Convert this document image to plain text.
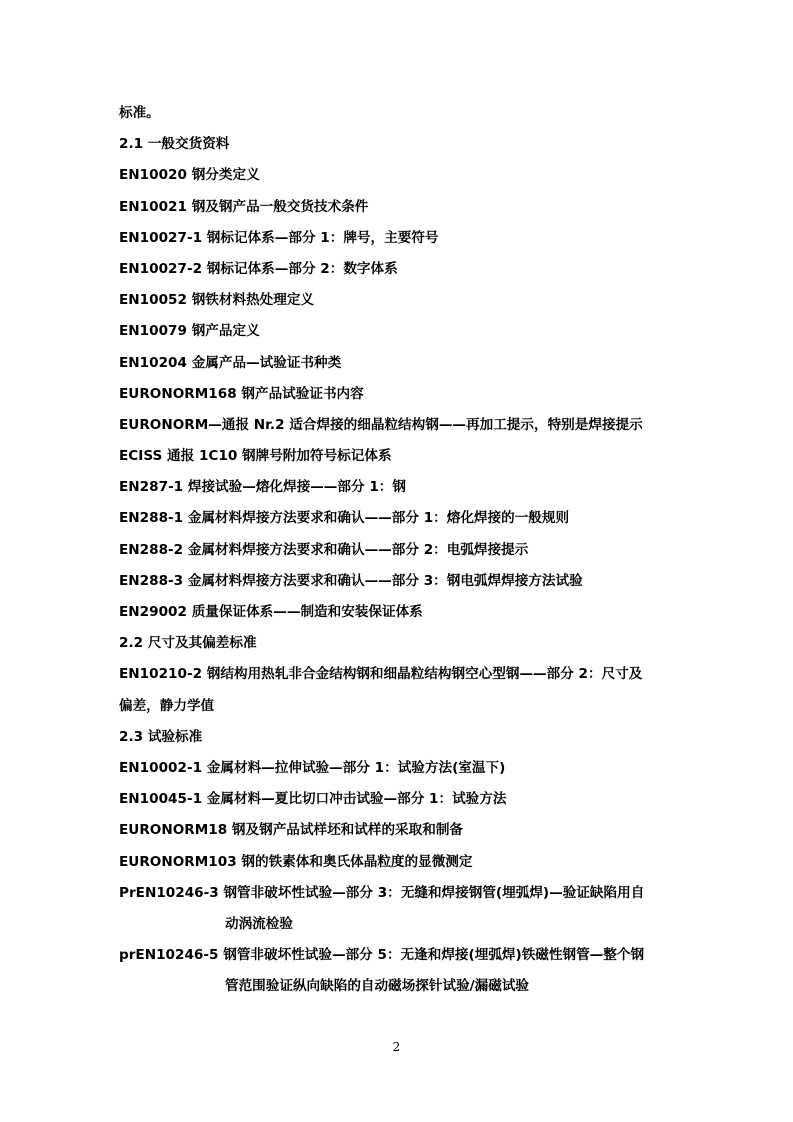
标准。
2.1 一般交货资料
EN10020 钢分类定义
EN10021 钢及钢产品一般交货技术条件
EN10027-1 钢标记体系—部分 1：牌号，主要符号
EN10027-2 钢标记体系—部分 2：数字体系
EN10052 钢铁材料热处理定义
EN10079 钢产品定义
EN10204 金属产品—试验证书种类
EURONORM168 钢产品试验证书内容
EURONORM—通报 Nr.2 适合焊接的细晶粒结构钢——再加工提示，特别是焊接提示
ECISS 通报 1C10 钢牌号附加符号标记体系
EN287-1 焊接试验—熔化焊接——部分 1：钢
EN288-1 金属材料焊接方法要求和确认——部分 1：熔化焊接的一般规则
EN288-2 金属材料焊接方法要求和确认——部分 2：电弧焊接提示
EN288-3 金属材料焊接方法要求和确认——部分 3：钢电弧焊焊接方法试验
EN29002 质量保证体系——制造和安装保证体系
2.2 尺寸及其偏差标准
EN10210-2 钢结构用热轧非合金结构钢和细晶粒结构钢空心型钢——部分 2：尺寸及
偏差，静力学值
2.3 试验标准
EN10002-1 金属材料—拉伸试验—部分 1：试验方法(室温下)
EN10045-1 金属材料—夏比切口冲击试验—部分 1：试验方法
EURONORM18 钢及钢产品试样坯和试样的采取和制备
EURONORM103 钢的铁素体和奥氏体晶粒度的显微测定
PrEN10246-3 钢管非破坏性试验—部分 3：无缝和焊接钢管(埋弧焊)—验证缺陷用自
动涡流检验
prEN10246-5 钢管非破坏性试验—部分 5：无逢和焊接(埋弧焊)铁磁性钢管—整个钢
管范围验证纵向缺陷的自动磁场探针试验/漏磁试验
2
